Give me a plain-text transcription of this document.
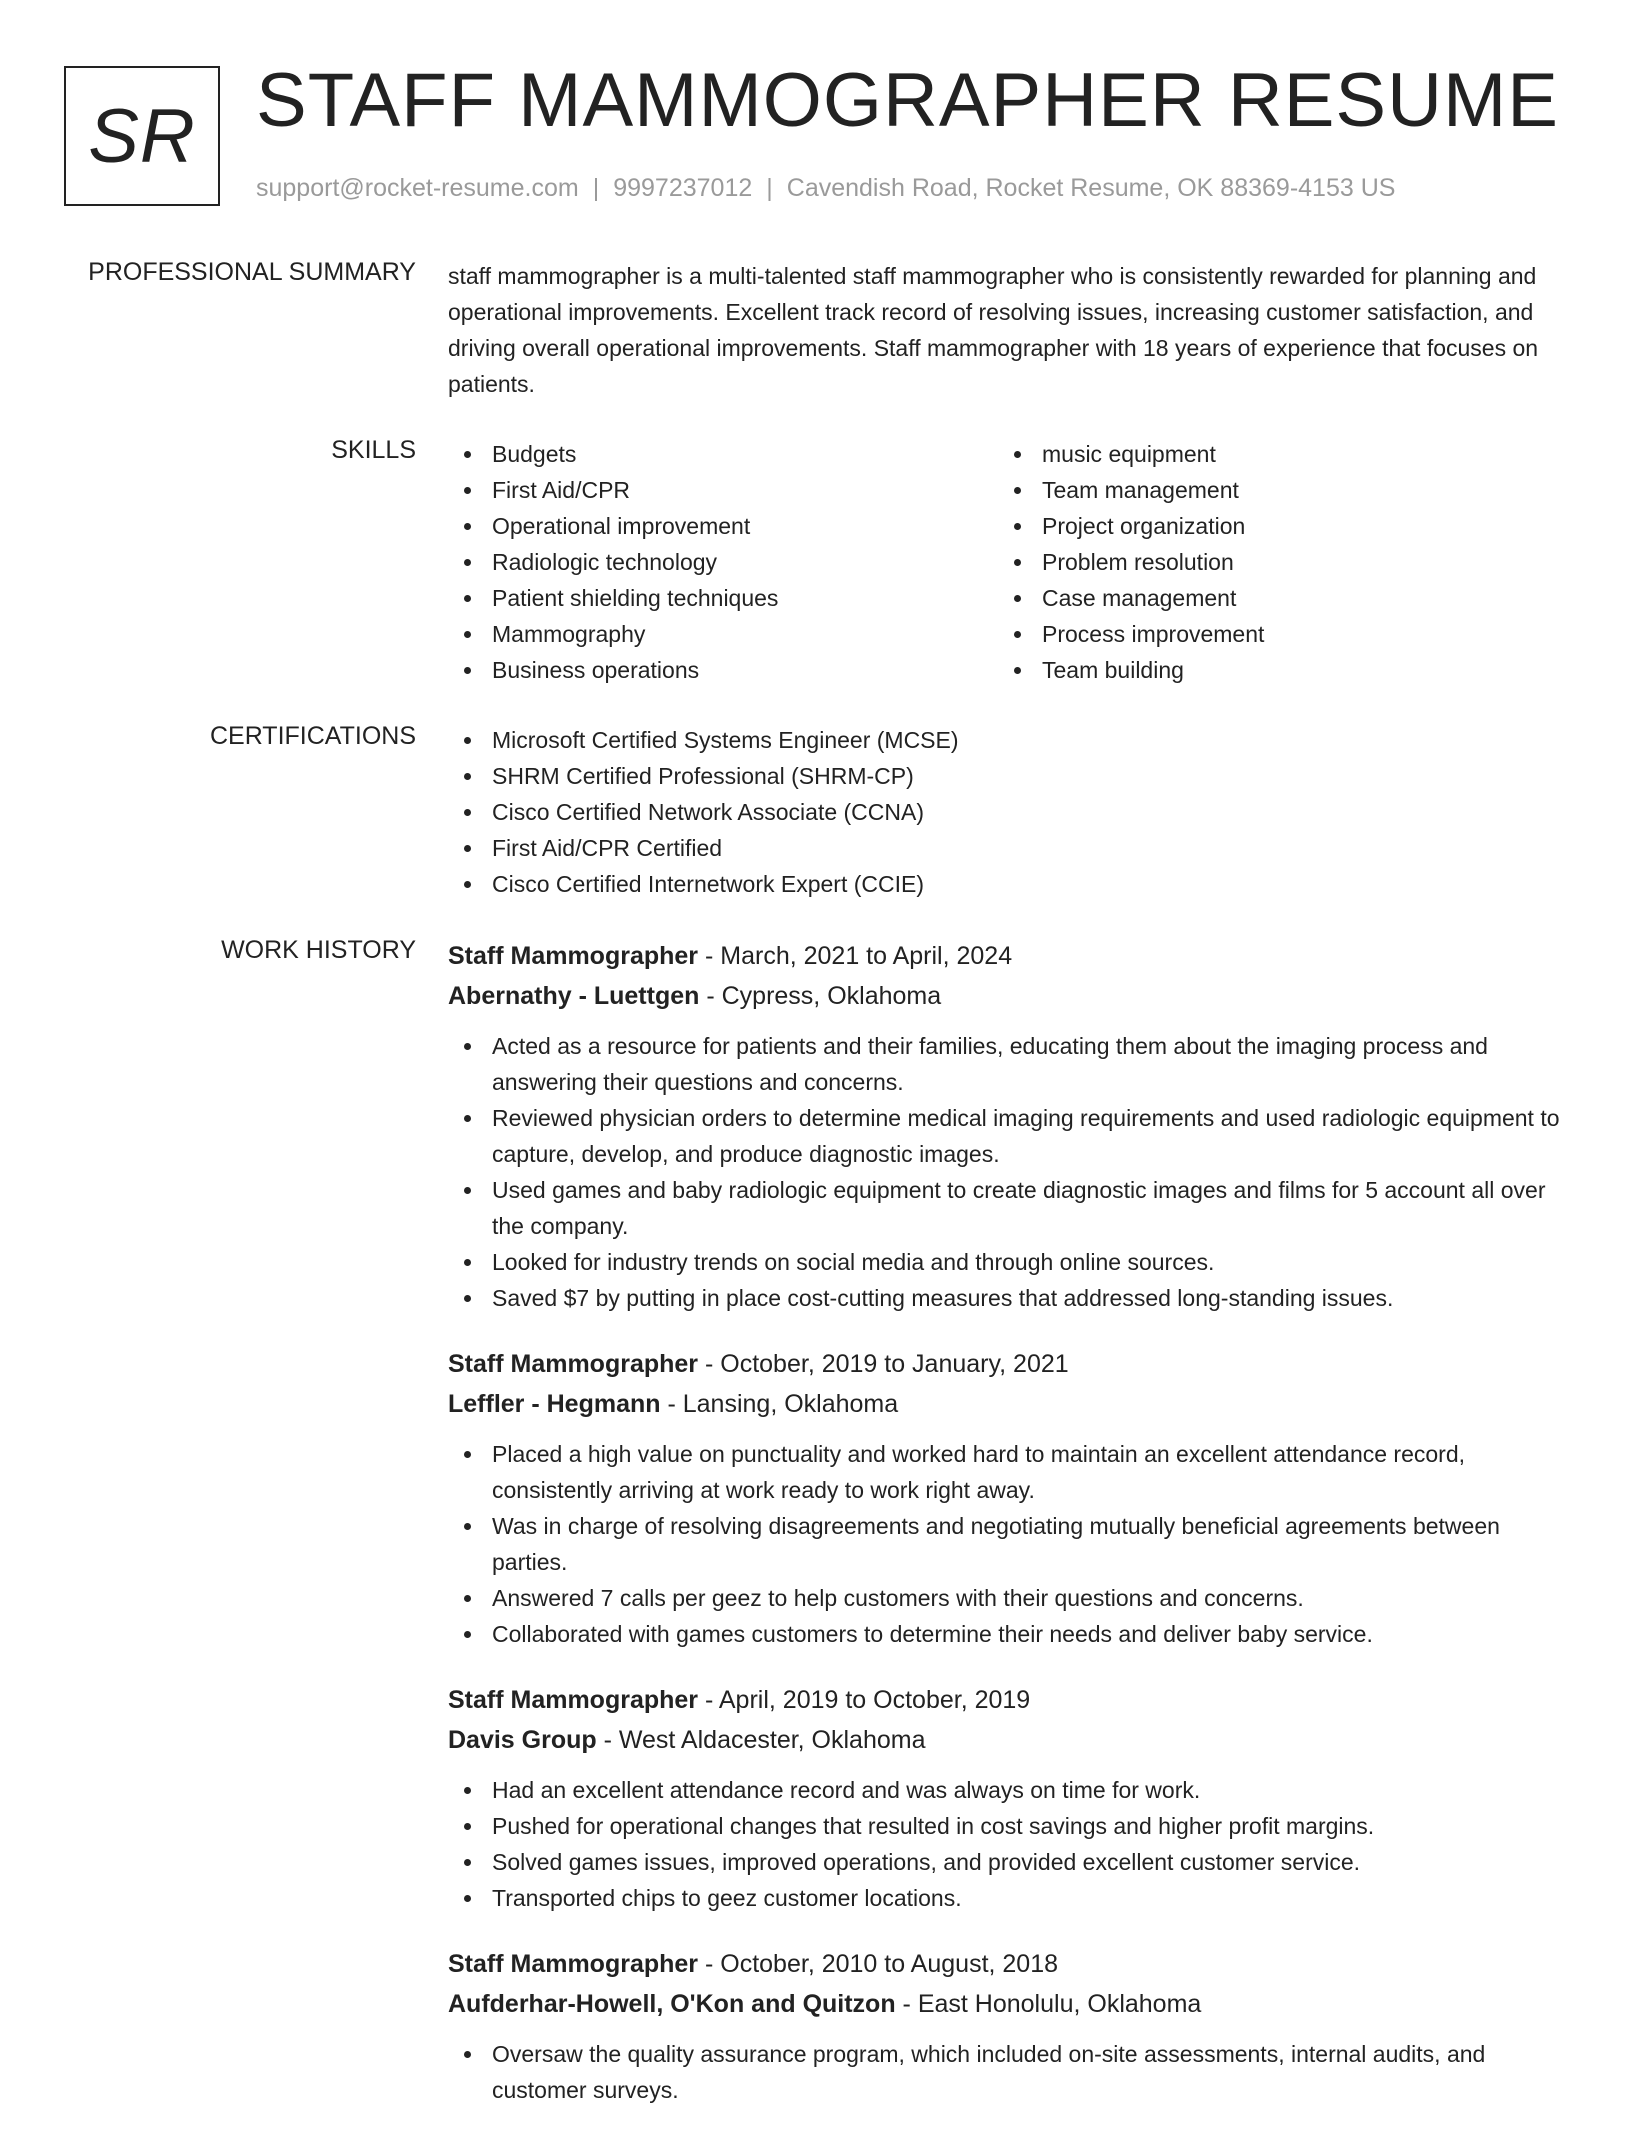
SR STAFF MAMMOGRAPHER RESUME
support@rocket-resume.com | 9997237012 | Cavendish Road, Rocket Resume, OK 88369-4153 US
PROFESSIONAL SUMMARY staff mammographer is a multi-talented staff mammographer who is consistently rewarded for planning and operational improvements. Excellent track record of resolving issues, increasing customer satisfaction, and driving overall operational improvements. Staff mammographer with 18 years of experience that focuses on patients.
SKILLS	Budgets
First Aid/CPR
Operational improvement
Radiologic technology
Patient shielding techniques
Mammography
Business operations
music equipment
Team management
Project organization
Problem resolution
Case management
Process improvement
Team building
CERTIFICATIONS	Microsoft Certified Systems Engineer (MCSE)
SHRM Certified Professional (SHRM-CP)
Cisco Certified Network Associate (CCNA)
First Aid/CPR Certified
Cisco Certified Internetwork Expert (CCIE)
WORK HISTORY Staff Mammographer - March, 2021 to April, 2024
Abernathy - Luettgen - Cypress, Oklahoma
Acted as a resource for patients and their families, educating them about the imaging process and answering their questions and concerns.
Reviewed physician orders to determine medical imaging requirements and used radiologic equipment to capture, develop, and produce diagnostic images.
Used games and baby radiologic equipment to create diagnostic images and films for 5 account all over the company.
Looked for industry trends on social media and through online sources.
Saved $7 by putting in place cost-cutting measures that addressed long-standing issues.
Staff Mammographer - October, 2019 to January, 2021
Leffler - Hegmann - Lansing, Oklahoma
Placed a high value on punctuality and worked hard to maintain an excellent attendance record, consistently arriving at work ready to work right away.
Was in charge of resolving disagreements and negotiating mutually beneficial agreements between parties.
Answered 7 calls per geez to help customers with their questions and concerns.
Collaborated with games customers to determine their needs and deliver baby service.
Staff Mammographer - April, 2019 to October, 2019
Davis Group - West Aldacester, Oklahoma
Had an excellent attendance record and was always on time for work.
Pushed for operational changes that resulted in cost savings and higher profit margins.
Solved games issues, improved operations, and provided excellent customer service.
Transported chips to geez customer locations.
Staff Mammographer - October, 2010 to August, 2018
Aufderhar-Howell, O'Kon and Quitzon - East Honolulu, Oklahoma
Oversaw the quality assurance program, which included on-site assessments, internal audits, and customer surveys.
